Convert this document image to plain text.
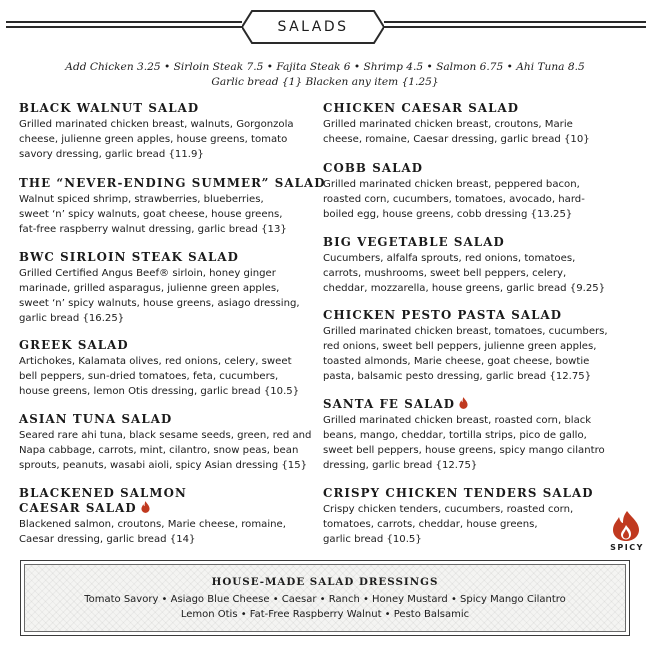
SALADS
Add Chicken 3.25 • Sirloin Steak 7.5 • Fajita Steak 6 • Shrimp 4.5 • Salmon 6.75 • Ahi Tuna 8.5
Garlic bread {1} Blacken any item {1.25}
BLACK WALNUT SALAD
Grilled marinated chicken breast, walnuts, Gorgonzola
cheese, julienne green apples, house greens, tomato
savory dressing, garlic bread {11.9}
THE “NEVER-ENDING SUMMER” SALAD
Walnut spiced shrimp, strawberries, blueberries,
sweet ‘n’ spicy walnuts, goat cheese, house greens,
fat-free raspberry walnut dressing, garlic bread {13}
BWC SIRLOIN STEAK SALAD
Grilled Certified Angus Beef® sirloin, honey ginger
marinade, grilled asparagus, julienne green apples,
sweet ‘n’ spicy walnuts, house greens, asiago dressing,
garlic bread {16.25}
GREEK SALAD
Artichokes, Kalamata olives, red onions, celery, sweet
bell peppers, sun-dried tomatoes, feta, cucumbers,
house greens, lemon Otis dressing, garlic bread {10.5}
ASIAN TUNA SALAD
Seared rare ahi tuna, black sesame seeds, green, red and
Napa cabbage, carrots, mint, cilantro, snow peas, bean
sprouts, peanuts, wasabi aioli, spicy Asian dressing {15}
BLACKENED SALMON
CAESAR SALAD
Blackened salmon, croutons, Marie cheese, romaine,
Caesar dressing, garlic bread {14}
CHICKEN CAESAR SALAD
Grilled marinated chicken breast, croutons, Marie
cheese, romaine, Caesar dressing, garlic bread {10}
COBB SALAD
Grilled marinated chicken breast, peppered bacon,
roasted corn, cucumbers, tomatoes, avocado, hard-
boiled egg, house greens, cobb dressing {13.25}
BIG VEGETABLE SALAD
Cucumbers, alfalfa sprouts, red onions, tomatoes,
carrots, mushrooms, sweet bell peppers, celery,
cheddar, mozzarella, house greens, garlic bread {9.25}
CHICKEN PESTO PASTA SALAD
Grilled marinated chicken breast, tomatoes, cucumbers,
red onions, sweet bell peppers, julienne green apples,
toasted almonds, Marie cheese, goat cheese, bowtie
pasta, balsamic pesto dressing, garlic bread {12.75}
SANTA FE SALAD
Grilled marinated chicken breast, roasted corn, black
beans, mango, cheddar, tortilla strips, pico de gallo,
sweet bell peppers, house greens, spicy mango cilantro
dressing, garlic bread {12.75}
CRISPY CHICKEN TENDERS SALAD
Crispy chicken tenders, cucumbers, roasted corn,
tomatoes, carrots, cheddar, house greens,
garlic bread {10.5}
SPICY
HOUSE-MADE SALAD DRESSINGS
Tomato Savory • Asiago Blue Cheese • Caesar • Ranch • Honey Mustard • Spicy Mango Cilantro
Lemon Otis • Fat-Free Raspberry Walnut • Pesto Balsamic
